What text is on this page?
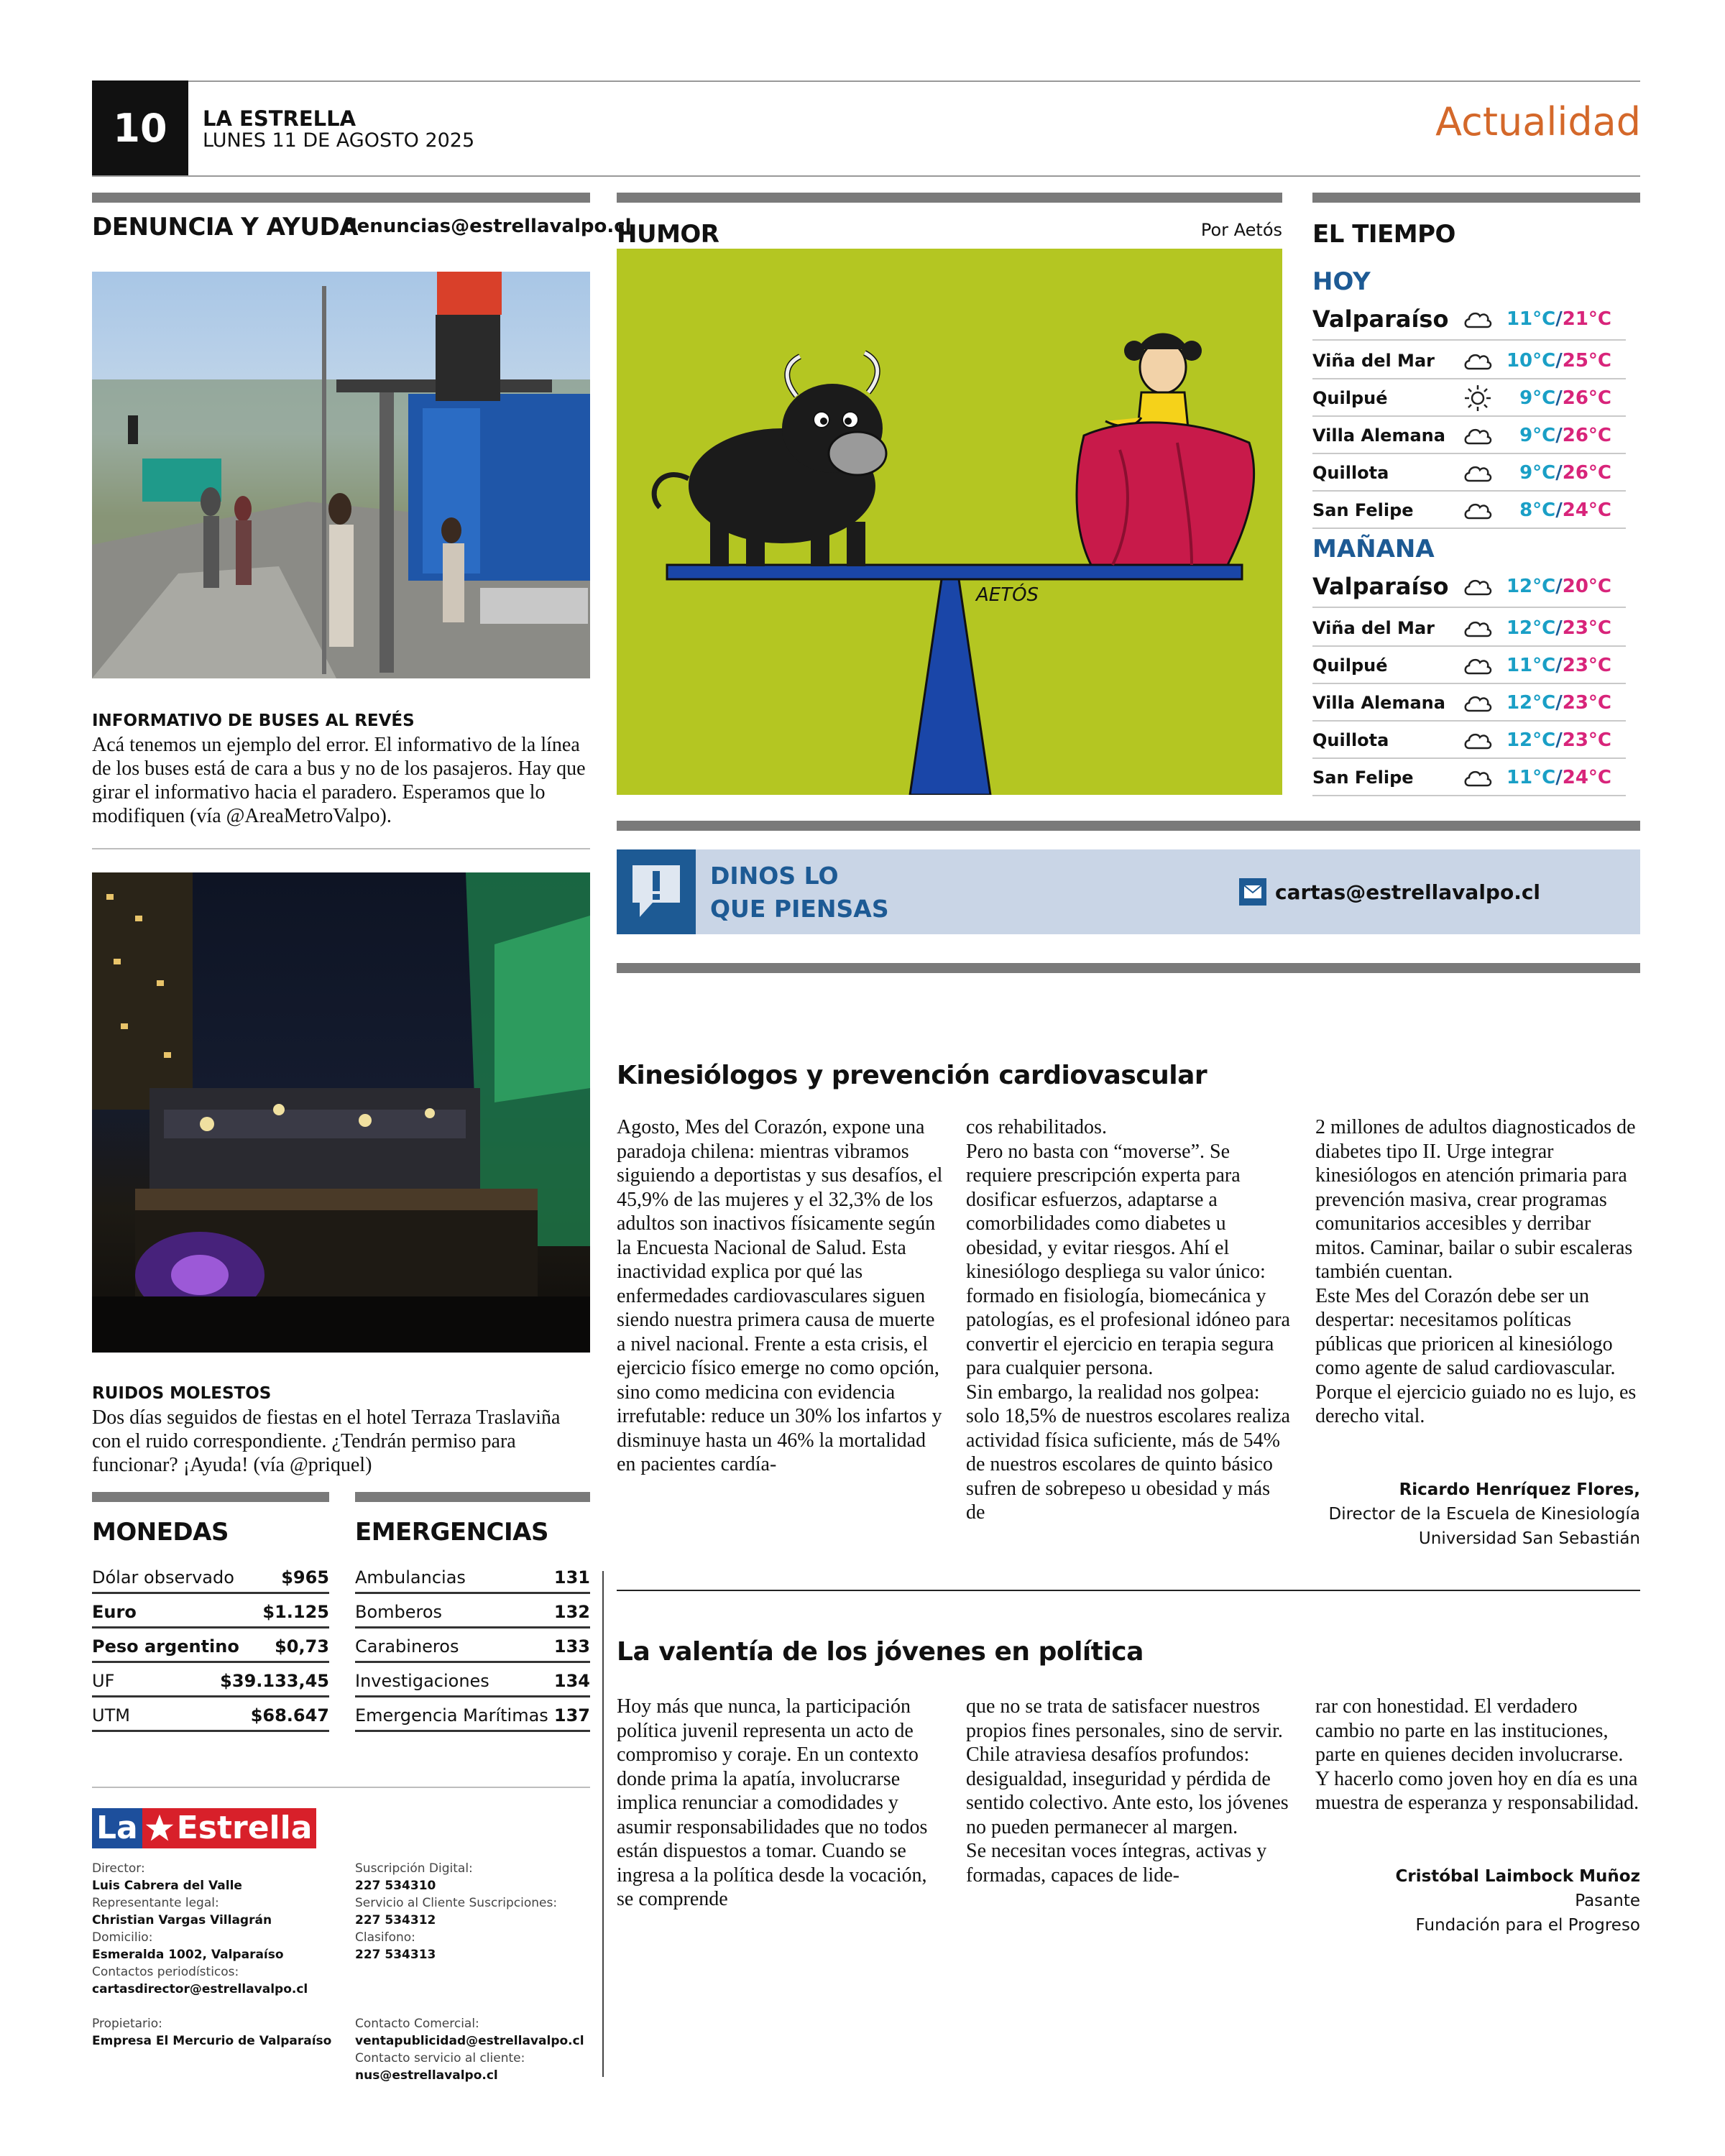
10	LA ESTRELLA
LUNES 11 DE AGOSTO 2025	Actualidad
DENUNCIA Y AYUDA
denuncias@estrellavalpo.cl
INFORMATIVO DE BUSES AL REVÉS
Acá tenemos un ejemplo del error. El informativo de la línea de los buses está de cara a bus y no de los pasajeros. Hay que girar el informativo hacia el paradero. Esperamos que lo modifiquen (vía @AreaMetroValpo).
RUIDOS MOLESTOS
Dos días seguidos de fiestas en el hotel Terraza Traslaviña con el ruido correspondiente. ¿Tendrán permiso para funcionar? ¡Ayuda! (vía @priquel)
MONEDAS
Dólar observado	$965
Euro	$1.125
Peso argentino $0,73
UF	$39.133,45
UTM	$68.647
EMERGENCIAS
Ambulancias	131
Bomberos	132
Carabineros	133
Investigaciones	134
Emergencia Marítimas 137
La Estrella
Director:
Luis Cabrera del Valle
Representante legal:
Christian Vargas Villagrán
Domicilio:
Esmeralda 1002, Valparaíso
Contactos periodísticos:
cartasdirector@estrellavalpo.cl
Propietario:
Empresa El Mercurio de Valparaíso
Suscripción Digital:
227 534310
Servicio al Cliente Suscripciones:
227 534312
Clasifono:
227 534313
Contacto Comercial:
ventapublicidad@estrellavalpo.cl
Contacto servicio al cliente:
nus@estrellavalpo.cl
HUMOR	Por Aetós
AETÓS
EL TIEMPO
HOY
Valparaíso	11°C/21°C
Viña del Mar	10°C/25°C
Quilpué	9°C/26°C
Villa Alemana	9°C/26°C
Quillota	9°C/26°C
San Felipe	8°C/24°C
MAÑANA
Valparaíso	12°C/20°C
Viña del Mar	12°C/23°C
Quilpué	11°C/23°C
Villa Alemana	12°C/23°C
Quillota	12°C/23°C
San Felipe	11°C/24°C
DINOS LO
QUE PIENSAS
cartas@estrellavalpo.cl
Kinesiólogos y prevención cardiovascular
Agosto, Mes del Corazón, expone una paradoja chilena: mientras vibramos siguiendo a deportistas y sus desafíos, el 45,9% de las mujeres y el 32,3% de los adultos son inactivos físicamente según la Encuesta Nacional de Salud. Esta inactividad explica por qué las enfermedades cardiovasculares siguen siendo nuestra primera causa de muerte a nivel nacional. Frente a esta crisis, el ejercicio físico emerge no como opción, sino como medicina con evidencia irrefutable: reduce un 30% los infartos y disminuye hasta un 46% la mortalidad en pacientes cardía-
cos rehabilitados.
Pero no basta con “moverse”. Se requiere prescripción experta para dosificar esfuerzos, adaptarse a comorbilidades como diabetes u obesidad, y evitar riesgos. Ahí el kinesiólogo despliega su valor único: formado en fisiología, biomecánica y patologías, es el profesional idóneo para convertir el ejercicio en terapia segura para cualquier persona.
Sin embargo, la realidad nos golpea: solo 18,5% de nuestros escolares realiza actividad física suficiente, más de 54% de nuestros escolares de quinto básico sufren de sobrepeso u obesidad y más de
2 millones de adultos diagnosticados de diabetes tipo II. Urge integrar kinesiólogos en atención primaria para prevención masiva, crear programas comunitarios accesibles y derribar mitos. Caminar, bailar o subir escaleras también cuentan.
Este Mes del Corazón debe ser un despertar: necesitamos políticas públicas que prioricen al kinesiólogo como agente de salud cardiovascular. Porque el ejercicio guiado no es lujo, es derecho vital.
Ricardo Henríquez Flores,
Director de la Escuela de Kinesiología
Universidad San Sebastián
La valentía de los jóvenes en política
Hoy más que nunca, la participación política juvenil representa un acto de compromiso y coraje. En un contexto donde prima la apatía, involucrarse implica renunciar a comodidades y asumir responsabilidades que no todos están dispuestos a tomar. Cuando se ingresa a la política desde la vocación, se comprende
que no se trata de satisfacer nuestros propios fines personales, sino de servir. Chile atraviesa desafíos profundos: desigualdad, inseguridad y pérdida de sentido colectivo. Ante esto, los jóvenes no pueden permanecer al margen.
Se necesitan voces íntegras, activas y formadas, capaces de lide-
rar con honestidad. El verdadero cambio no parte en las instituciones, parte en quienes deciden involucrarse. Y hacerlo como joven hoy en día es una muestra de esperanza y responsabilidad.
Cristóbal Laimbock Muñoz
Pasante
Fundación para el Progreso
